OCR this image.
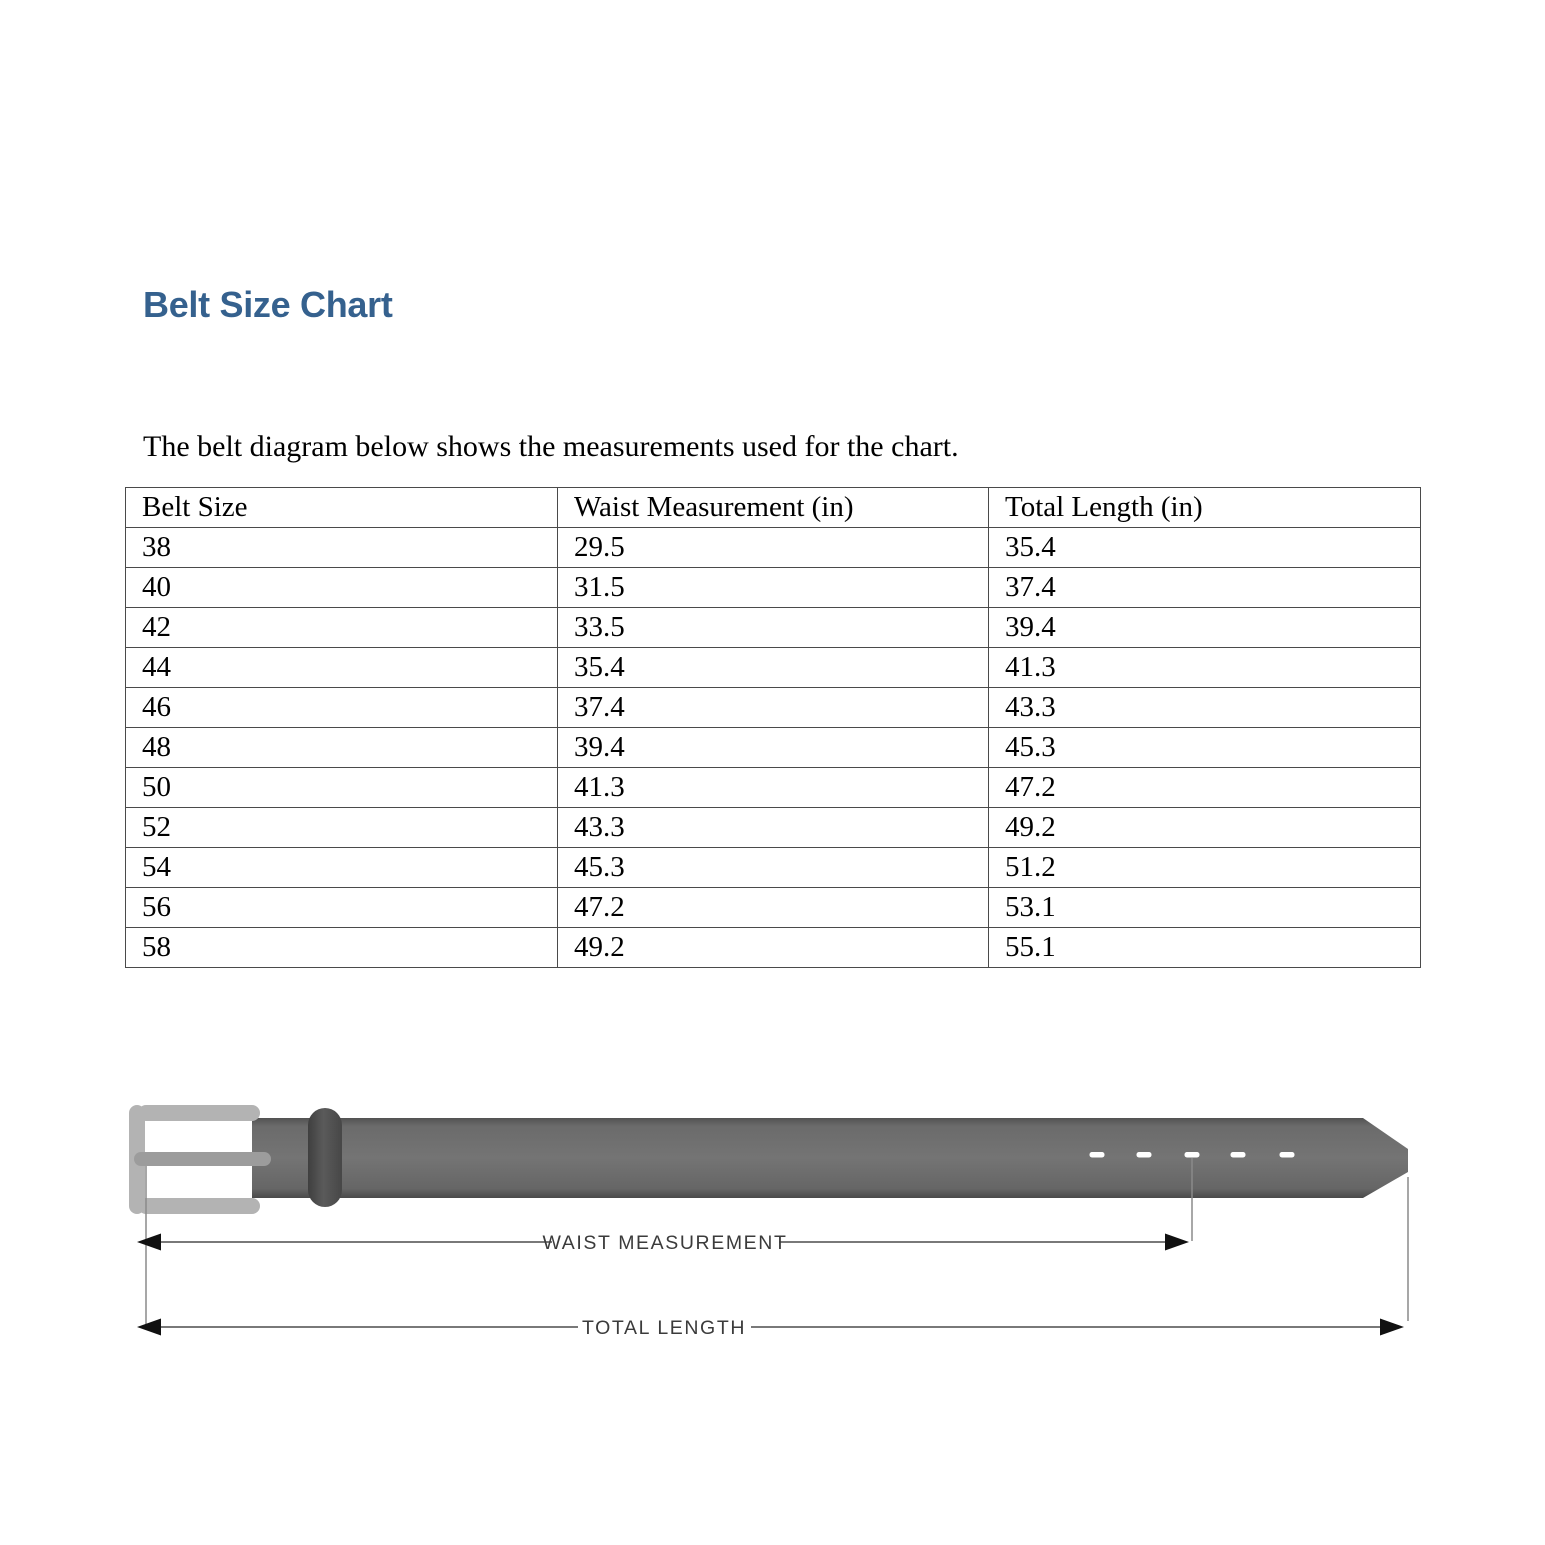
Belt Size Chart
The belt diagram below shows the measurements used for the chart.
Belt Size	Waist Measurement (in)	Total Length (in)
38	29.5	35.4
40	31.5	37.4
42	33.5	39.4
44	35.4	41.3
46	37.4	43.3
48	39.4	45.3
50	41.3	47.2
52	43.3	49.2
54	45.3	51.2
56	47.2	53.1
58	49.2	55.1
WAIST MEASUREMENT
TOTAL LENGTH
